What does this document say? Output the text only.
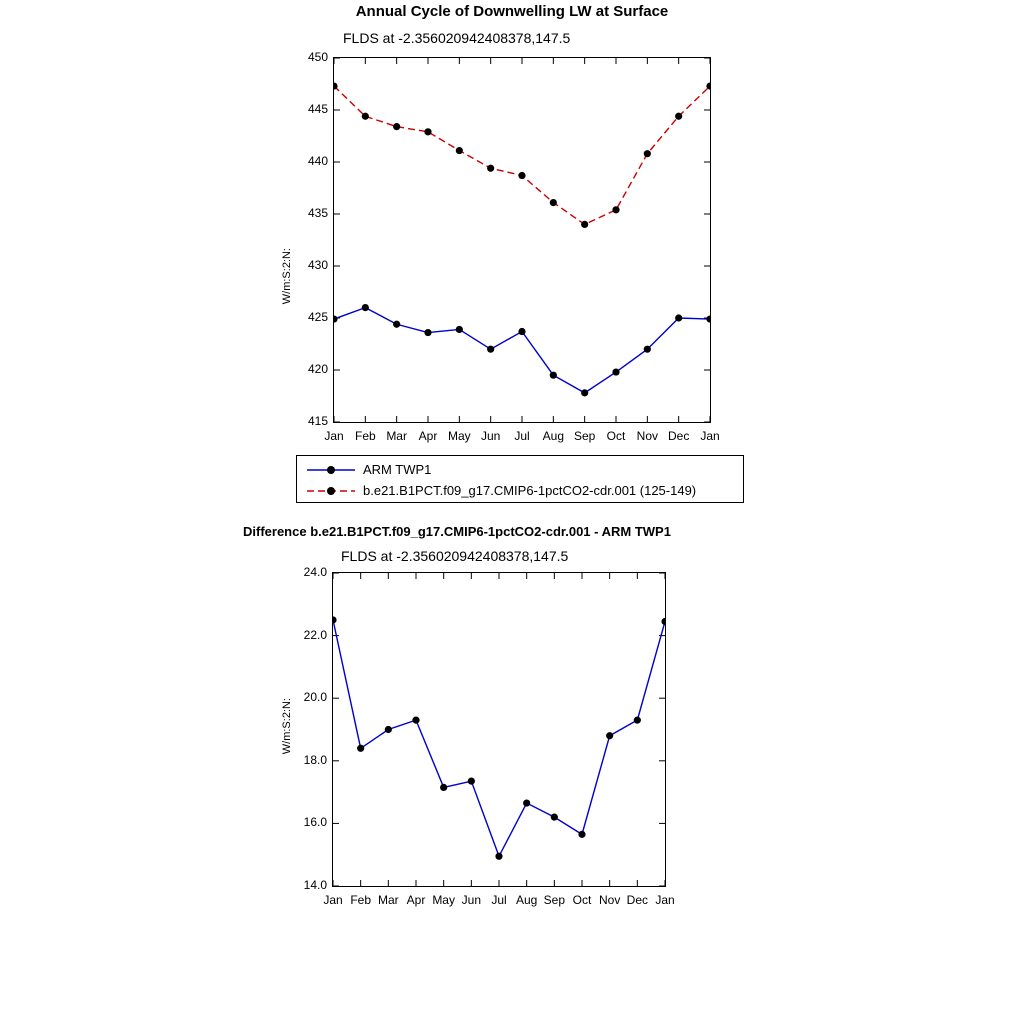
Annual Cycle of Downwelling LW at Surface
FLDS at -2.356020942408378,147.5
W/m:S:2:N:
415
420
425
430
435
440
445
450
Jan Feb Mar Apr May Jun	Jul	Aug Sep Oct Nov Dec Jan
ARM TWP1
b.e21.B1PCT.f09_g17.CMIP6-1pctCO2-cdr.001 (125-149)
Difference b.e21.B1PCT.f09_g17.CMIP6-1pctCO2-cdr.001 - ARM TWP1
FLDS at -2.356020942408378,147.5
W/m:S:2:N:
14.0
16.0
18.0
20.0
22.0
24.0
Jan Feb Mar Apr May Jun Jul Aug Sep Oct Nov Dec Jan
